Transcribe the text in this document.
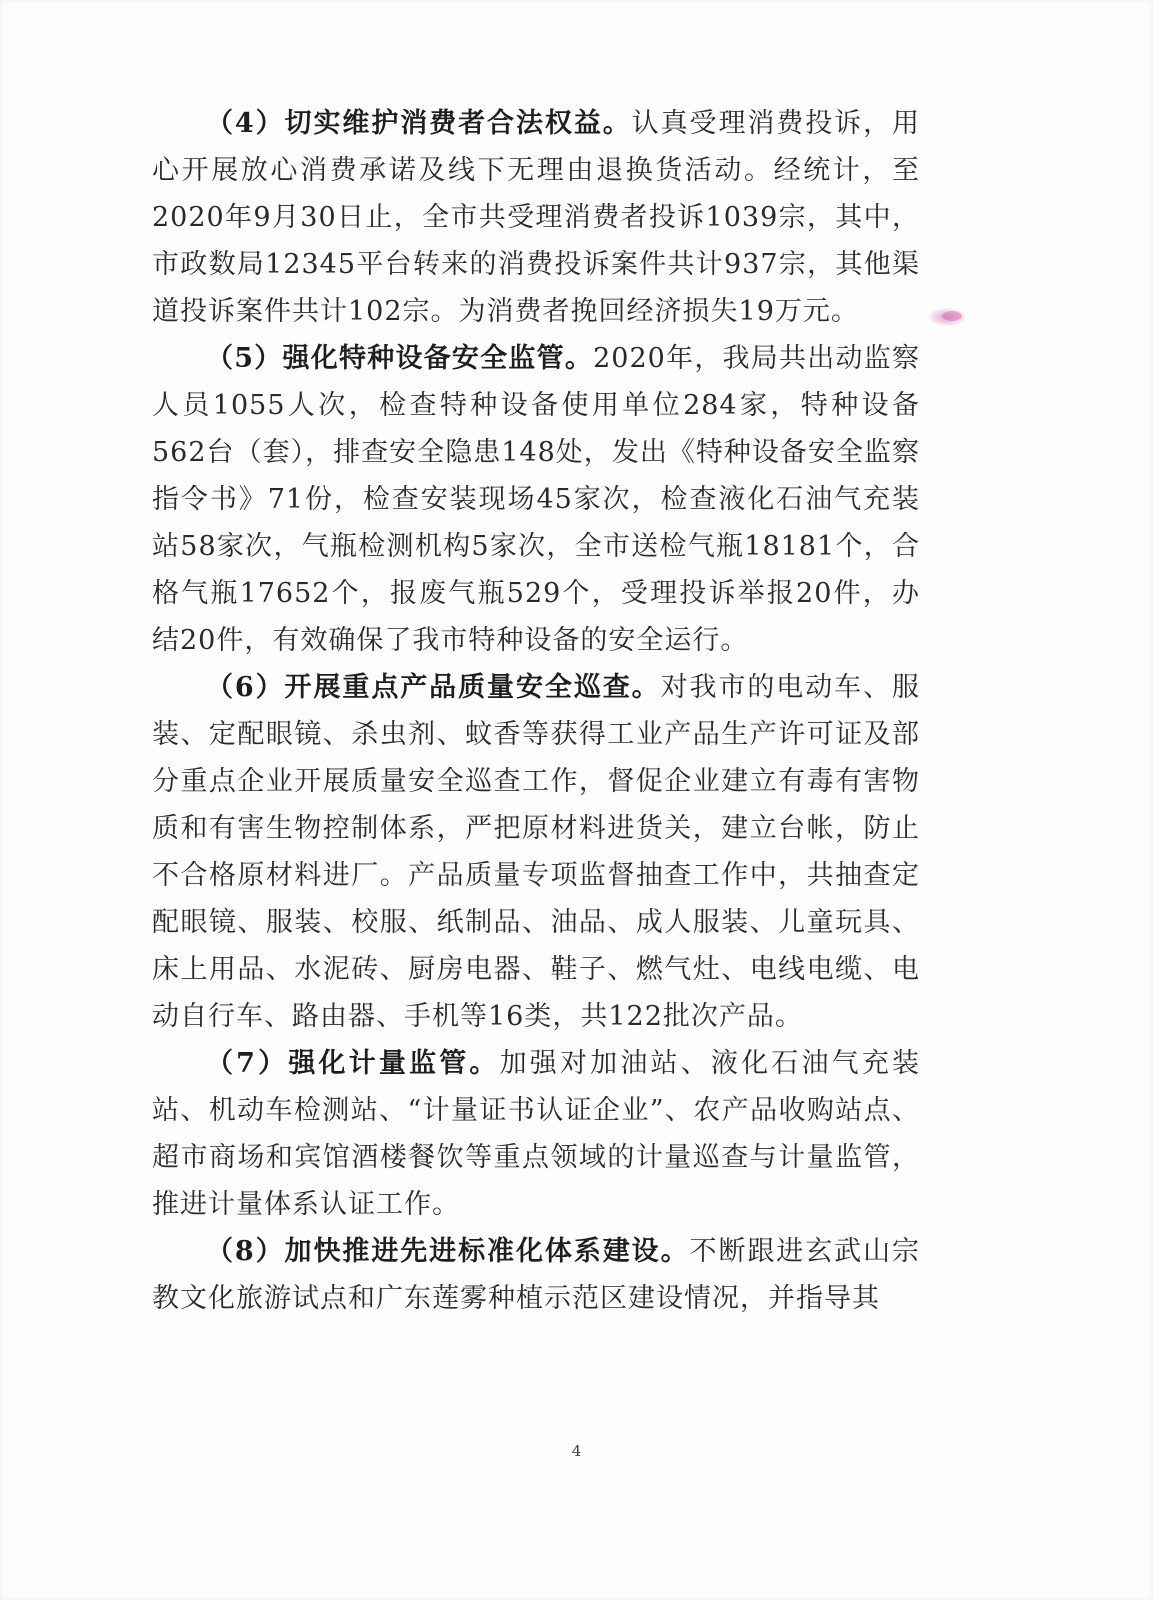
（4）切实维护消费者合法权益。认真受理消费投诉，用心开展放心消费承诺及线下无理由退换货活动。经统计，至2020年9月30日止，全市共受理消费者投诉1039宗，其中，市政数局12345平台转来的消费投诉案件共计937宗，其他渠道投诉案件共计102宗。为消费者挽回经济损失19万元。

（5）强化特种设备安全监管。2020年，我局共出动监察人员1055人次，检查特种设备使用单位284家，特种设备562台（套），排查安全隐患148处，发出《特种设备安全监察指令书》71份，检查安装现场45家次，检查液化石油气充装站58家次，气瓶检测机构5家次，全市送检气瓶18181个，合格气瓶17652个，报废气瓶529个，受理投诉举报20件，办结20件，有效确保了我市特种设备的安全运行。

（6）开展重点产品质量安全巡查。对我市的电动车、服装、定配眼镜、杀虫剂、蚊香等获得工业产品生产许可证及部分重点企业开展质量安全巡查工作，督促企业建立有毒有害物质和有害生物控制体系，严把原材料进货关，建立台帐，防止不合格原材料进厂。产品质量专项监督抽查工作中，共抽查定配眼镜、服装、校服、纸制品、油品、成人服装、儿童玩具、床上用品、水泥砖、厨房电器、鞋子、燃气灶、电线电缆、电动自行车、路由器、手机等16类，共122批次产品。

（7）强化计量监管。加强对加油站、液化石油气充装站、机动车检测站、“计量证书认证企业”、农产品收购站点、超市商场和宾馆酒楼餐饮等重点领域的计量巡查与计量监管，推进计量体系认证工作。

（8）加快推进先进标准化体系建设。不断跟进玄武山宗教文化旅游试点和广东莲雾种植示范区建设情况，并指导其

4
